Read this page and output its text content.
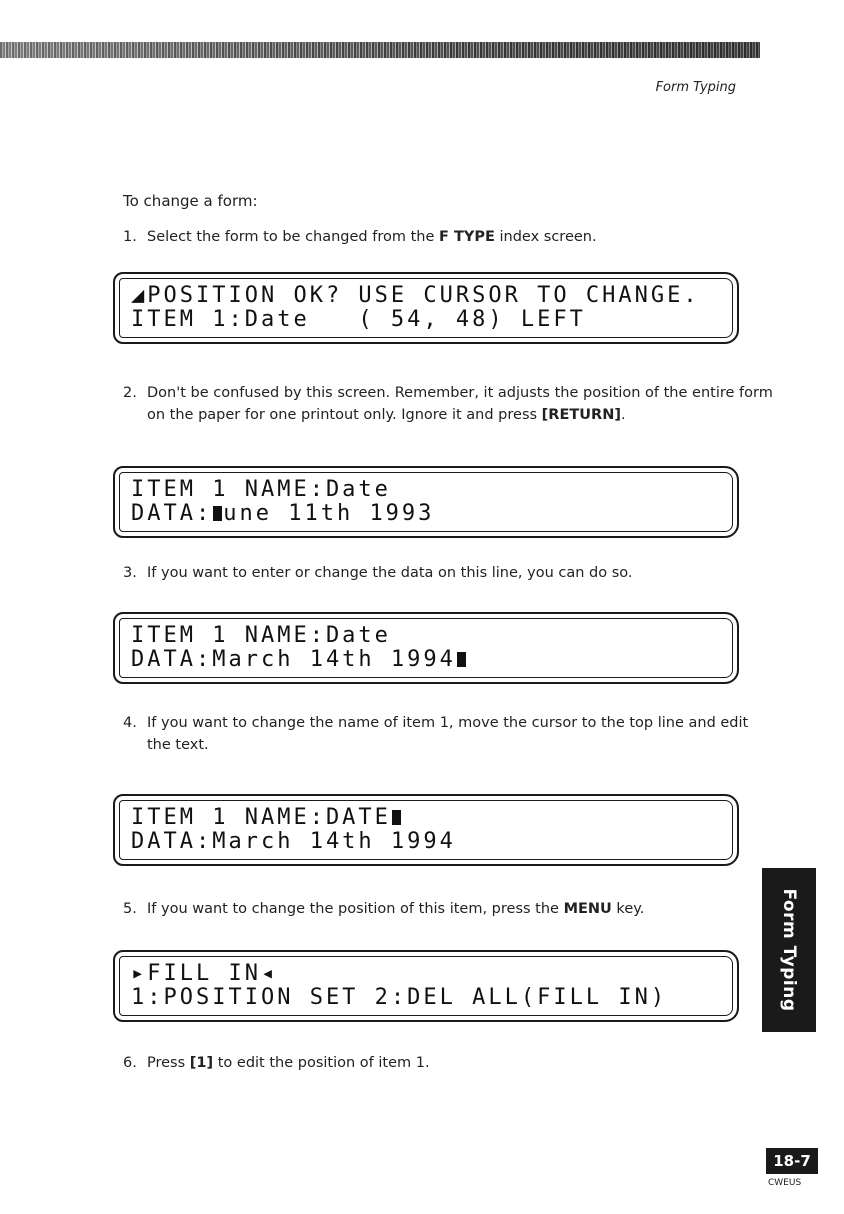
Form Typing

To change a form:

1. Select the form to be changed from the F TYPE index screen.

◢POSITION OK? USE CURSOR TO CHANGE.
ITEM 1:Date   ( 54, 48) LEFT

2. Don't be confused by this screen. Remember, it adjusts the position of the entire form
on the paper for one printout only. Ignore it and press [RETURN].

ITEM 1 NAME:Date
DATA: une 11th 1993

3. If you want to enter or change the data on this line, you can do so.

ITEM 1 NAME:Date
DATA:March 14th 1994

4. If you want to change the name of item 1, move the cursor to the top line and edit
the text.

ITEM 1 NAME:DATE
DATA:March 14th 1994

5. If you want to change the position of this item, press the MENU key.

▸FILL IN◂
1:POSITION SET 2:DEL ALL(FILL IN)

6. Press [1] to edit the position of item 1.

Form Typing
18-7
CWEUS
